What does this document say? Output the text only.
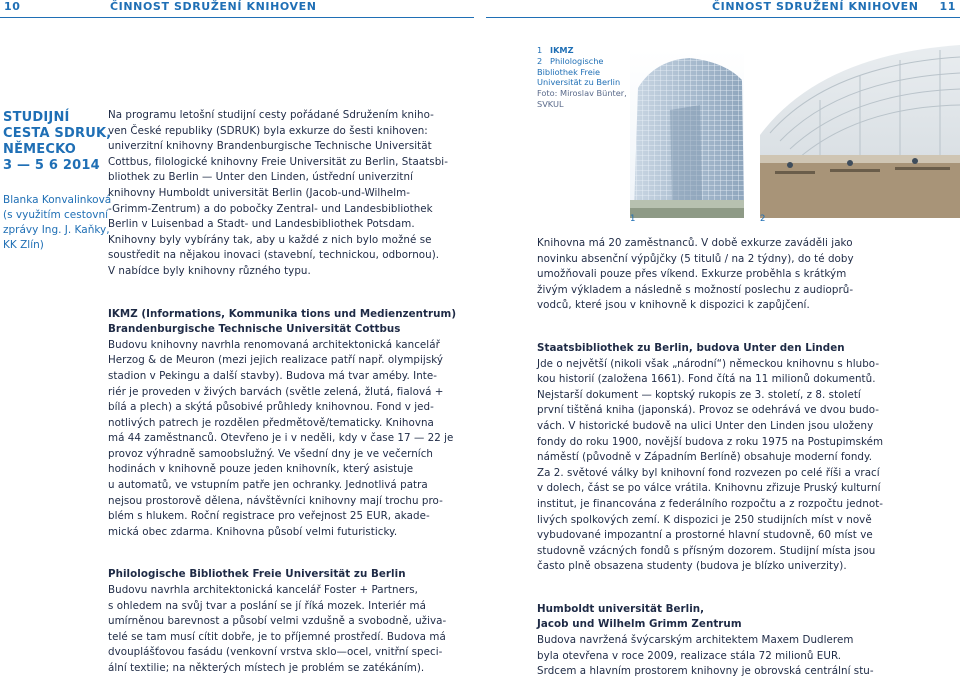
10	ČINNOST SDRUŽENÍ KNIHOVEN	ČINNOST SDRUŽENÍ KNIHOVEN 11
STUDIJNÍ
CESTA SDRUK,
NĚMECKO
3 — 5 6 2014
Blanka Konvalinková
(s využitím cestovní
zprávy Ing. J. Kaňky,
KK Zlín)
Na programu letošní studijní cesty pořádané Sdružením kniho-
ven České republiky (SDRUK) byla exkurze do šesti knihoven:
univerzitní knihovny Brandenburgische Technische Universität
Cottbus, filologické knihovny Freie Universität zu Berlin, Staatsbi-
bliothek zu Berlin — Unter den Linden, ústřední univerzitní
knihovny Humboldt universität Berlin (Jacob-und-Wilhelm-
-Grimm-Zentrum) a do pobočky Zentral- und Landesbibliothek
Berlin v Luisenbad a Stadt- und Landesbibliothek Potsdam.
Knihovny byly vybírány tak, aby u každé z nich bylo možné se
soustředit na nějakou inovaci (stavební, technickou, odbornou).
V nabídce byly knihovny různého typu.
IKMZ (Informations, Kommunika tions und Medienzentrum)
Brandenburgische Technische Universität Cottbus
Budovu knihovny navrhla renomovaná architektonická kancelář
Herzog & de Meuron (mezi jejich realizace patří např. olympijský
stadion v Pekingu a další stavby). Budova má tvar améby. Inte-
riér je proveden v živých barvách (světle zelená, žlutá, fialová +
bílá a plech) a skýtá působivé průhledy knihovnou. Fond v jed-
notlivých patrech je rozdělen předmětově/tematicky. Knihovna
má 44 zaměstnanců. Otevřeno je i v neděli, kdy v čase 17 — 22 je
provoz výhradně samoobslužný. Ve všední dny je ve večerních
hodinách v knihovně pouze jeden knihovník, který asistuje
u automatů, ve vstupním patře jen ochranky. Jednotlivá patra
nejsou prostorově dělena, návštěvníci knihovny mají trochu pro-
blém s hlukem. Roční registrace pro veřejnost 25 EUR, akade-
mická obec zdarma. Knihovna působí velmi futuristicky.
Philologische Bibliothek Freie Universität zu Berlin
Budovu navrhla architektonická kancelář Foster + Partners,
s ohledem na svůj tvar a poslání se jí říká mozek. Interiér má
umírněnou barevnost a působí velmi vzdušně a svobodně, uživa-
telé se tam musí cítit dobře, je to příjemné prostředí. Budova má
dvouplášťovou fasádu (venkovní vrstva sklo—ocel, vnitřní speci-
ální textilie; na některých místech je problém se zatékáním).
1 IKMZ
2 Philologische
Bibliothek Freie
Universität zu Berlin
Foto: Miroslav Bünter,
SVKUL
1	2
Knihovna má 20 zaměstnanců. V době exkurze zaváděli jako
novinku absenční výpůjčky (5 titulů / na 2 týdny), do té doby
umožňovali pouze přes víkend. Exkurze proběhla s krátkým
živým výkladem a následně s možností poslechu z audioprů-
vodců, které jsou v knihovně k dispozici k zapůjčení.
Staatsbibliothek zu Berlin, budova Unter den Linden
Jde o největší (nikoli však „národní“) německou knihovnu s hlubo-
kou historií (založena 1661). Fond čítá na 11 milionů dokumentů.
Nejstarší dokument — koptský rukopis ze 3. století, z 8. století
první tištěná kniha (japonská). Provoz se odehrává ve dvou budo-
vách. V historické budově na ulici Unter den Linden jsou uloženy
fondy do roku 1900, novější budova z roku 1975 na Postupimském
náměstí (původně v Západním Berlíně) obsahuje moderní fondy.
Za 2. světové války byl knihovní fond rozvezen po celé říši a vrací
v dolech, část se po válce vrátila. Knihovnu zřizuje Pruský kulturní
institut, je financována z federálního rozpočtu a z rozpočtu jednot-
livých spolkových zemí. K dispozici je 250 studijních míst v nově
vybudované impozantní a prostorné hlavní studovně, 60 míst ve
studovně vzácných fondů s přísným dozorem. Studijní místa jsou
často plně obsazena studenty (budova je blízko univerzity).
Humboldt universität Berlin,
Jacob und Wilhelm Grimm Zentrum
Budova navržená švýcarským architektem Maxem Dudlerem
byla otevřena v roce 2009, realizace stála 72 milionů EUR.
Srdcem a hlavním prostorem knihovny je obrovská centrální stu-
